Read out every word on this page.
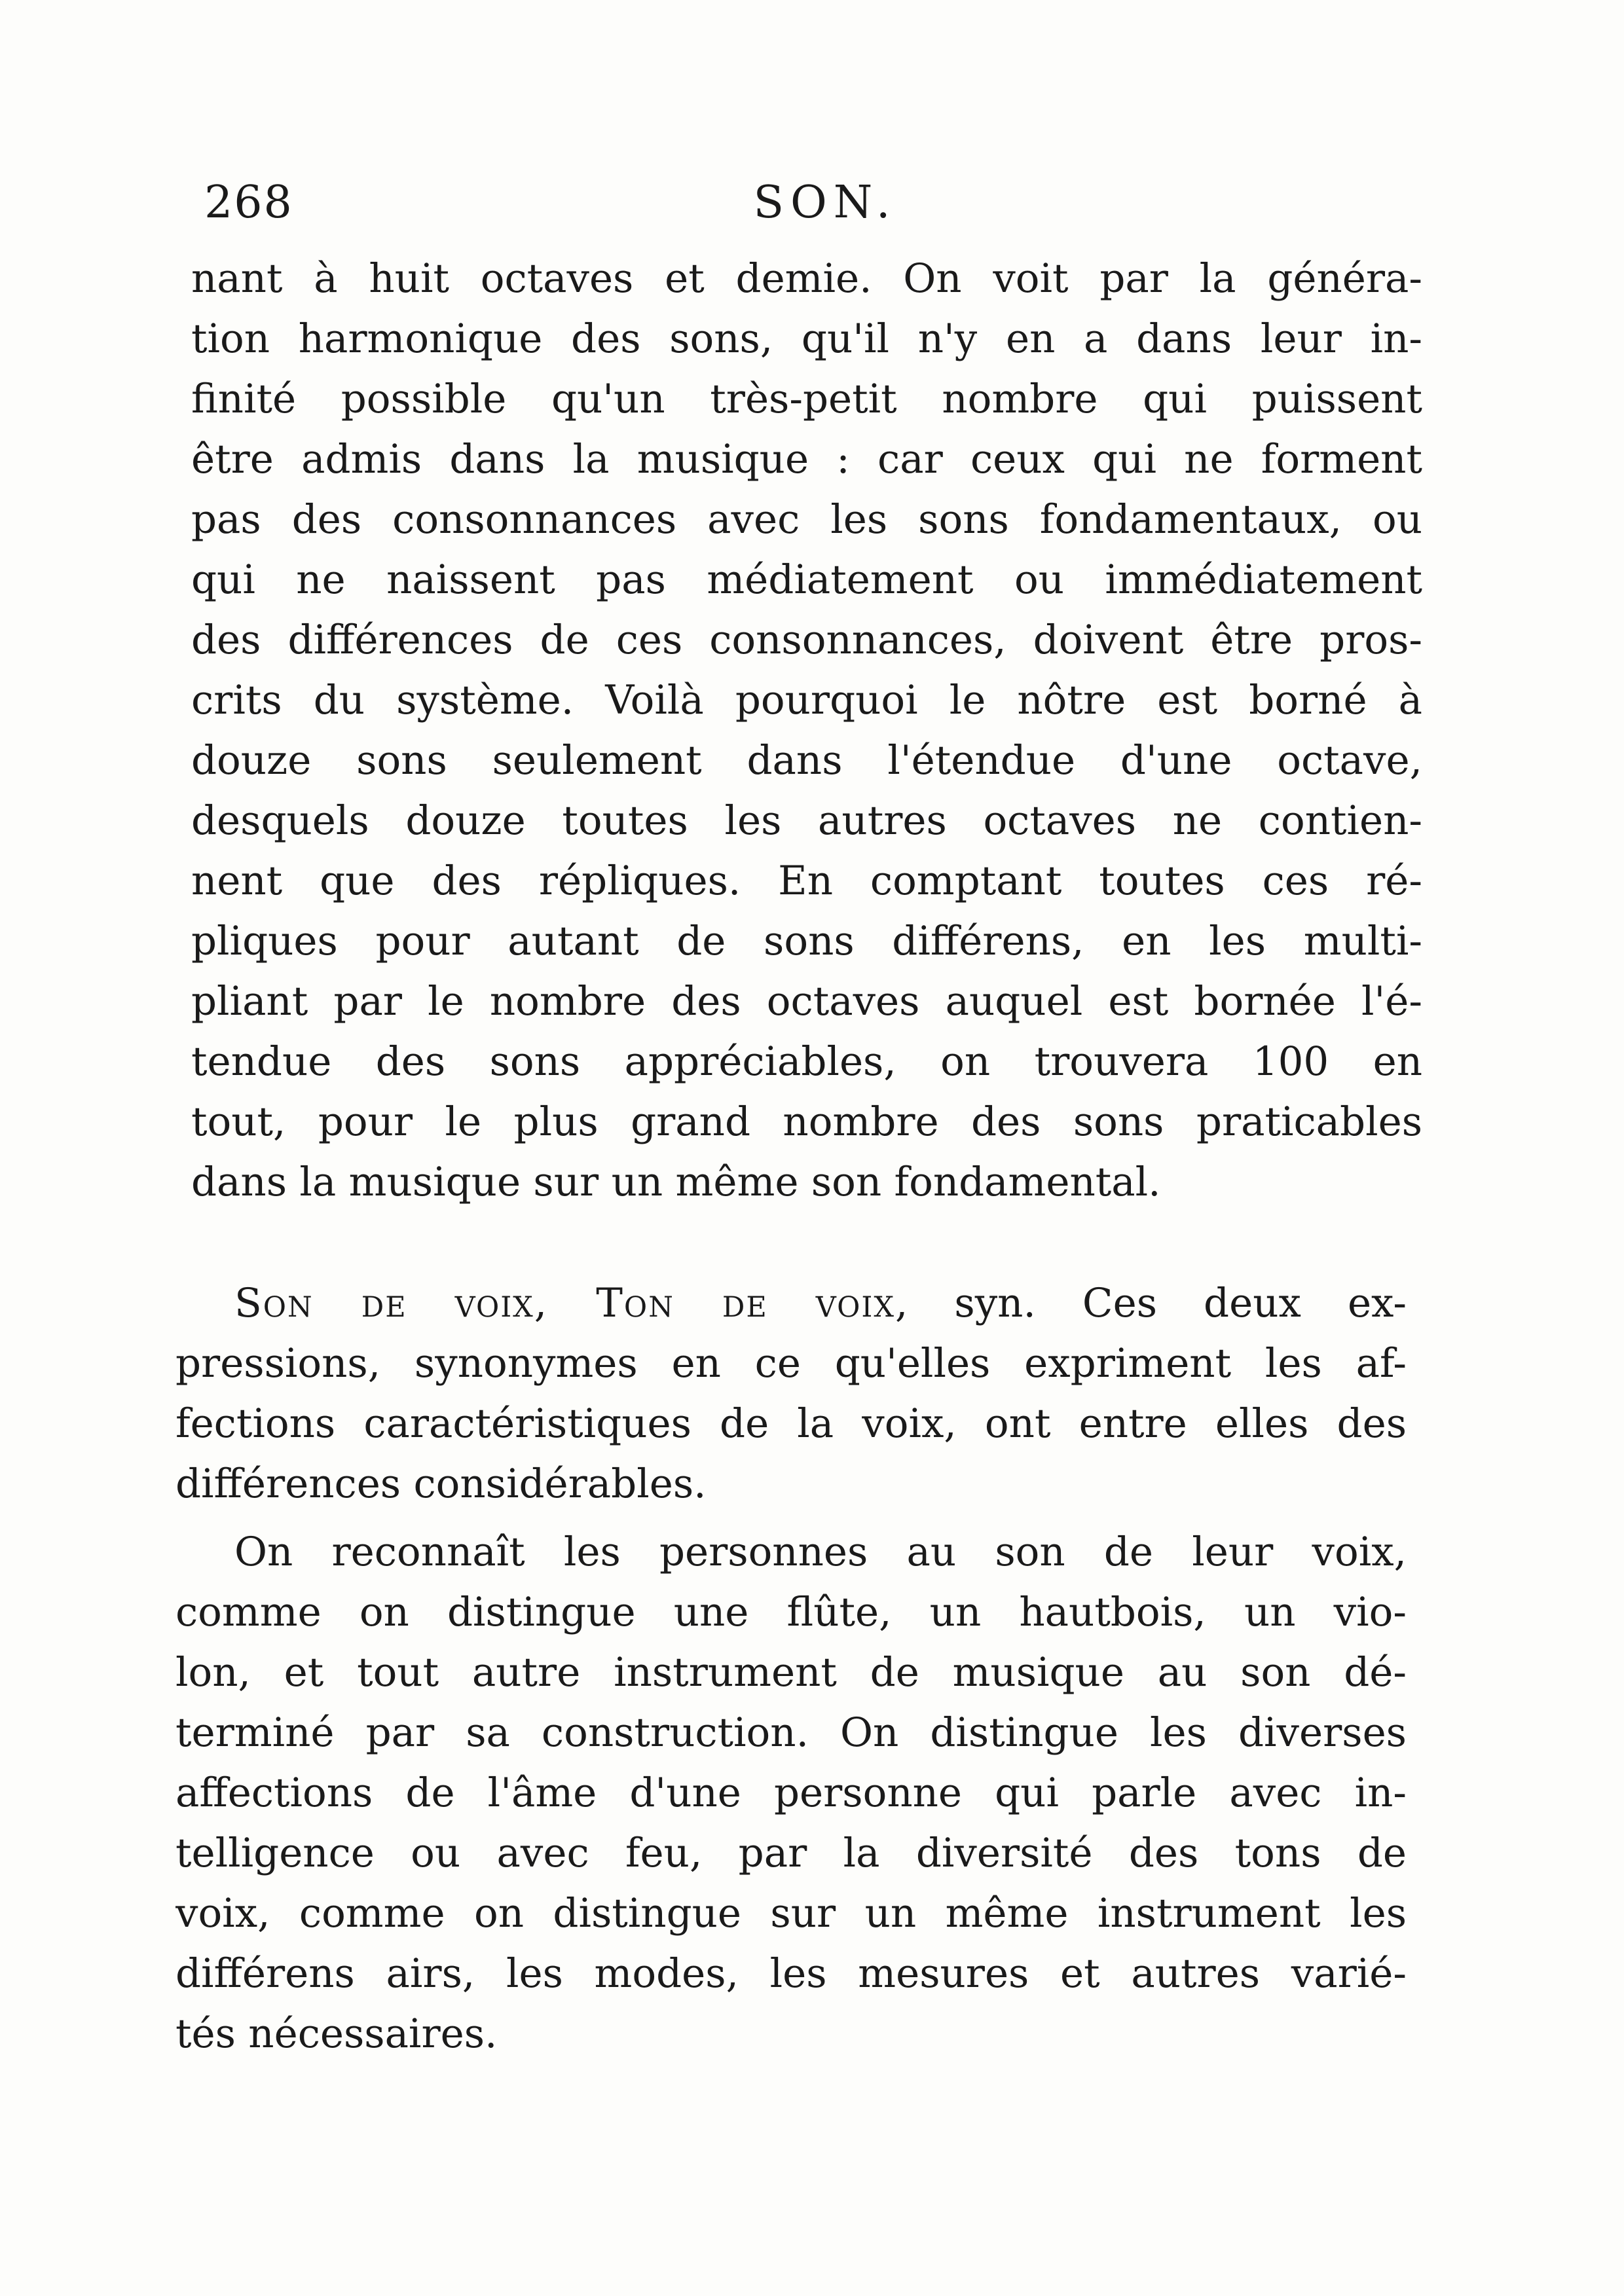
268	SON.
nant à huit octaves et demie. On voit par la généra-
tion harmonique des sons, qu'il n'y en a dans leur in-
finité possible qu'un très-petit nombre qui puissent
être admis dans la musique : car ceux qui ne forment
pas des consonnances avec les sons fondamentaux, ou
qui ne naissent pas médiatement ou immédiatement
des différences de ces consonnances, doivent être pros-
crits du système. Voilà pourquoi le nôtre est borné à
douze sons seulement dans l'étendue d'une octave,
desquels douze toutes les autres octaves ne contien-
nent que des répliques. En comptant toutes ces ré-
pliques pour autant de sons différens, en les multi-
pliant par le nombre des octaves auquel est bornée l'é-
tendue des sons appréciables, on trouvera 100 en
tout, pour le plus grand nombre des sons praticables
dans la musique sur un même son fondamental.
Son de voix, Ton de voix, syn. Ces deux ex-
pressions, synonymes en ce qu'elles expriment les af-
fections caractéristiques de la voix, ont entre elles des
différences considérables.
On reconnaît les personnes au son de leur voix,
comme on distingue une flûte, un hautbois, un vio-
lon, et tout autre instrument de musique au son dé-
terminé par sa construction. On distingue les diverses
affections de l'âme d'une personne qui parle avec in-
telligence ou avec feu, par la diversité des tons de
voix, comme on distingue sur un même instrument les
différens airs, les modes, les mesures et autres varié-
tés nécessaires.
